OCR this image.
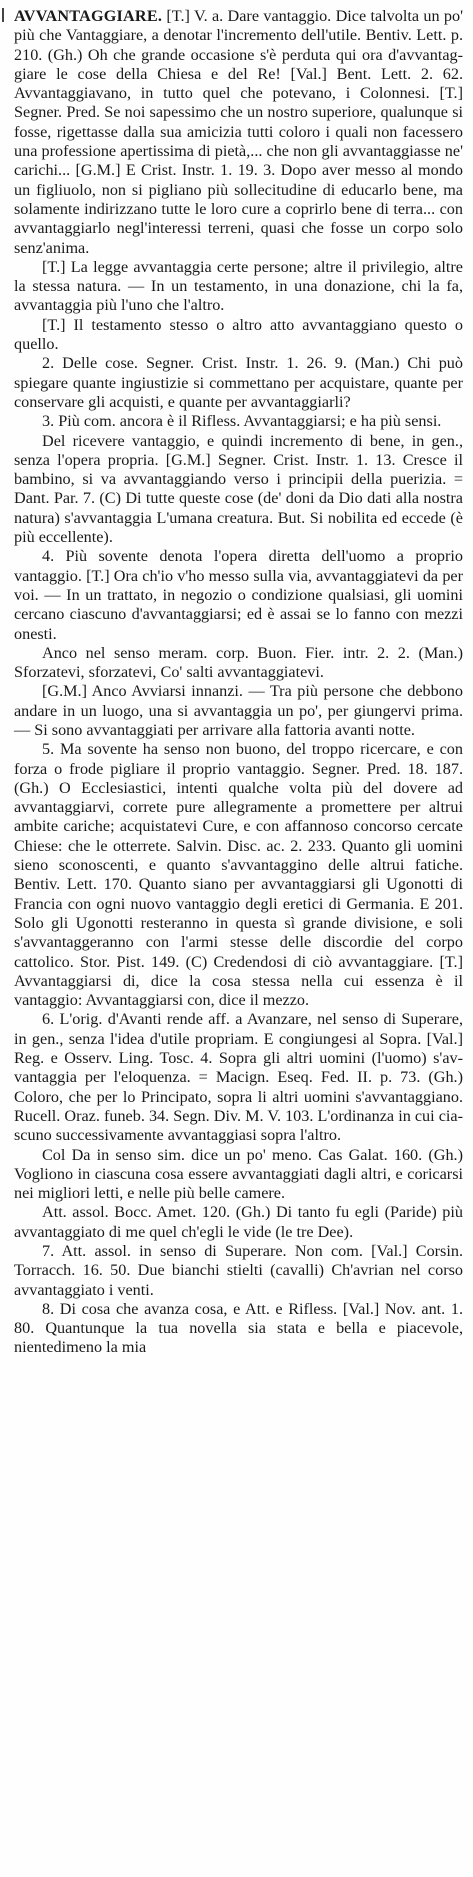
AVVANTAGGIARE. [T.] V. a. Dare vantaggio. Dice talvolta un po' più che Vantaggiare, a denotar l'incremento dell'utile. Bentiv. Lett. p. 210. (Gh.) Oh che grande occasione s'è perduta qui ora d'avvantaggiare le cose della Chiesa e del Re! [Val.] Bent. Lett. 2. 62. Avvantaggiavano, in tutto quel che potevano, i Colonnesi. [T.] Segner. Pred. Se noi sapessimo che un nostro superiore, qualunque si fosse, rigettasse dalla sua amicizia tutti coloro i quali non facessero una professione apertissima di pietà,... che non gli avvantaggiasse ne' carichi... [G.M.] E Crist. Instr. 1. 19. 3. Dopo aver messo al mondo un figliuolo, non si pigliano più sollecitudine di educarlo bene, ma solamente indirizzano tutte le loro cure a coprirlo bene di terra... con avvantaggiarlo negl'interessi terreni, quasi che fosse un corpo solo senz'anima.

[T.] La legge avvantaggia certe persone; altre il privilegio, altre la stessa natura. — In un testamento, in una donazione, chi la fa, avvantaggia più l'uno che l'altro.

[T.] Il testamento stesso o altro atto avvantaggiano questo o quello.

2. Delle cose. Segner. Crist. Instr. 1. 26. 9. (Man.) Chi può spiegare quante ingiustizie si commettano per acquistare, quante per conservare gli acquisti, e quante per avvantaggiarli?

3. Più com. ancora è il Rifless. Avvantaggiarsi; e ha più sensi.

Del ricevere vantaggio, e quindi incremento di bene, in gen., senza l'opera propria. [G.M.] Segner. Crist. Instr. 1. 13. Cresce il bambino, si va avvantaggiando verso i principii della puerizia. = Dant. Par. 7. (C) Di tutte queste cose (de' doni da Dio dati alla nostra natura) s'avvantaggia L'umana creatura. But. Si nobilita ed eccede (è più eccellente).

4. Più sovente denota l'opera diretta dell'uomo a proprio vantaggio. [T.] Ora ch'io v'ho messo sulla via, avvantaggiatevi da per voi. — In un trattato, in negozio o condizione qualsiasi, gli uomini cercano ciascuno d'avvantaggiarsi; ed è assai se lo fanno con mezzi onesti.

Anco nel senso meram. corp. Buon. Fier. intr. 2. 2. (Man.) Sforzatevi, sforzatevi, Co' salti avvantaggiatevi.

[G.M.] Anco Avviarsi innanzi. — Tra più persone che debbono andare in un luogo, una si avvantaggia un po', per giungervi prima. — Si sono avvantaggiati per arrivare alla fattoria avanti notte.

5. Ma sovente ha senso non buono, del troppo ricercare, e con forza o frode pigliare il proprio vantaggio. Segner. Pred. 18. 187. (Gh.) O Ecclesiastici, intenti qualche volta più del dovere ad avvantaggiarvi, correte pure allegramente a promettere per altrui ambite cariche; acquistatevi Cure, e con affannoso concorso cercate Chiese: che le otterrete. Salvin. Disc. ac. 2. 233. Quanto gli uomini sieno sconoscenti, e quanto s'avvantaggino delle altrui fatiche. Bentiv. Lett. 170. Quanto siano per avvantaggiarsi gli Ugonotti di Francia con ogni nuovo vantaggio degli eretici di Germania. E 201. Solo gli Ugonotti resteranno in questa sì grande divisione, e soli s'avvantaggeranno con l'armi stesse delle discordie del corpo cattolico. Stor. Pist. 149. (C) Credendosi di ciò avvantaggiare. [T.] Avvantaggiarsi di, dice la cosa stessa nella cui essenza è il vantaggio: Avvantaggiarsi con, dice il mezzo.

6. L'orig. d'Avanti rende aff. a Avanzare, nel senso di Superare, in gen., senza l'idea d'utile propriam. E congiungesi al Sopra. [Val.] Reg. e Osserv. Ling. Tosc. 4. Sopra gli altri uomini (l'uomo) s'avvantaggia per l'eloquenza. = Macign. Eseq. Fed. II. p. 73. (Gh.) Coloro, che per lo Principato, sopra li altri uomini s'avvantaggiano. Rucell. Oraz. funeb. 34. Segn. Div. M. V. 103. L'ordinanza in cui ciascuno successivamente avvantaggiasi sopra l'altro.

Col Da in senso sim. dice un po' meno. Cas Galat. 160. (Gh.) Vogliono in ciascuna cosa essere avvantaggiati dagli altri, e coricarsi nei migliori letti, e nelle più belle camere.

Att. assol. Bocc. Amet. 120. (Gh.) Di tanto fu egli (Paride) più avvantaggiato di me quel ch'egli le vide (le tre Dee).

7. Att. assol. in senso di Superare. Non com. [Val.] Corsin. Torracch. 16. 50. Due bianchi stielti (cavalli) Ch'avrian nel corso avvantaggiato i venti.

8. Di cosa che avanza cosa, e Att. e Rifless. [Val.] Nov. ant. 1. 80. Quantunque la tua novella sia stata e bella e piacevole, nientedimeno la mia
